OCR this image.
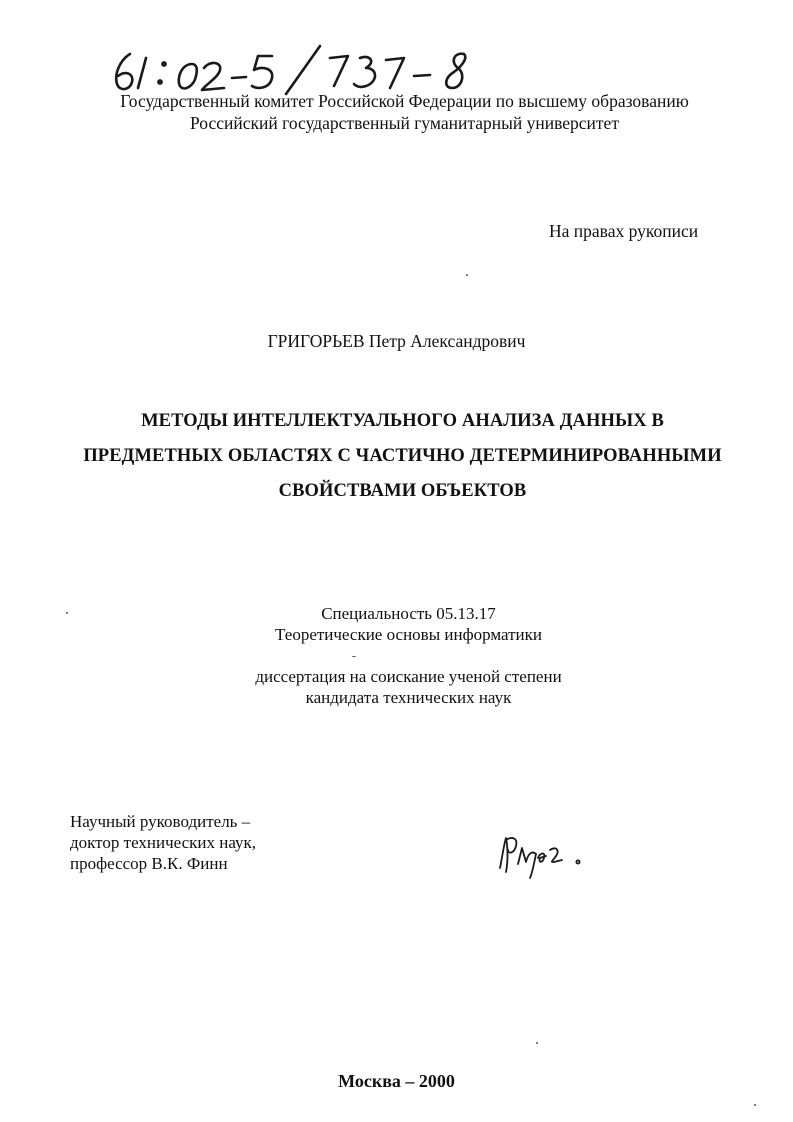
Государственный комитет Российской Федерации по высшему образованию
Российский государственный гуманитарный университет
На правах рукописи
ГРИГОРЬЕВ Петр Александрович
МЕТОДЫ ИНТЕЛЛЕКТУАЛЬНОГО АНАЛИЗА ДАННЫХ В
ПРЕДМЕТНЫХ ОБЛАСТЯХ С ЧАСТИЧНО ДЕТЕРМИНИРОВАННЫМИ
СВОЙСТВАМИ ОБЪЕКТОВ
Специальность 05.13.17
Теоретические основы информатики
диссертация на соискание ученой степени
кандидата технических наук
Научный руководитель –
доктор технических наук,
профессор В.К. Финн
Москва – 2000
